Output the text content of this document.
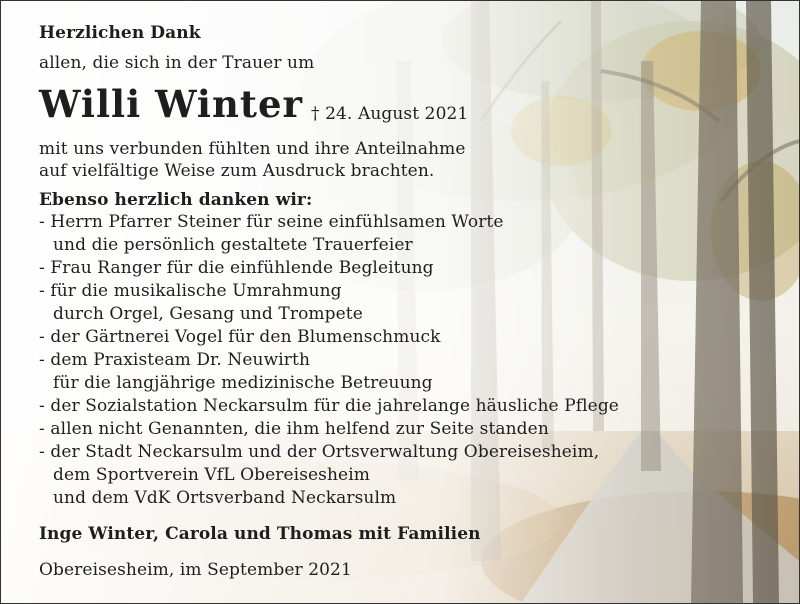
Herzlichen Dank
allen, die sich in der Trauer um
Willi Winter † 24. August 2021
mit uns verbunden fühlten und ihre Anteilnahme
auf vielfältige Weise zum Ausdruck brachten.
Ebenso herzlich danken wir:
- Herrn Pfarrer Steiner für seine einfühlsamen Worte
und die persönlich gestaltete Trauerfeier
- Frau Ranger für die einfühlende Begleitung
- für die musikalische Umrahmung
durch Orgel, Gesang und Trompete
- der Gärtnerei Vogel für den Blumenschmuck
- dem Praxisteam Dr. Neuwirth
für die langjährige medizinische Betreuung
- der Sozialstation Neckarsulm für die jahrelange häusliche Pflege
- allen nicht Genannten, die ihm helfend zur Seite standen
- der Stadt Neckarsulm und der Ortsverwaltung Obereisesheim,
dem Sportverein VfL Obereisesheim
und dem VdK Ortsverband Neckarsulm
Inge Winter, Carola und Thomas mit Familien
Obereisesheim, im September 2021
